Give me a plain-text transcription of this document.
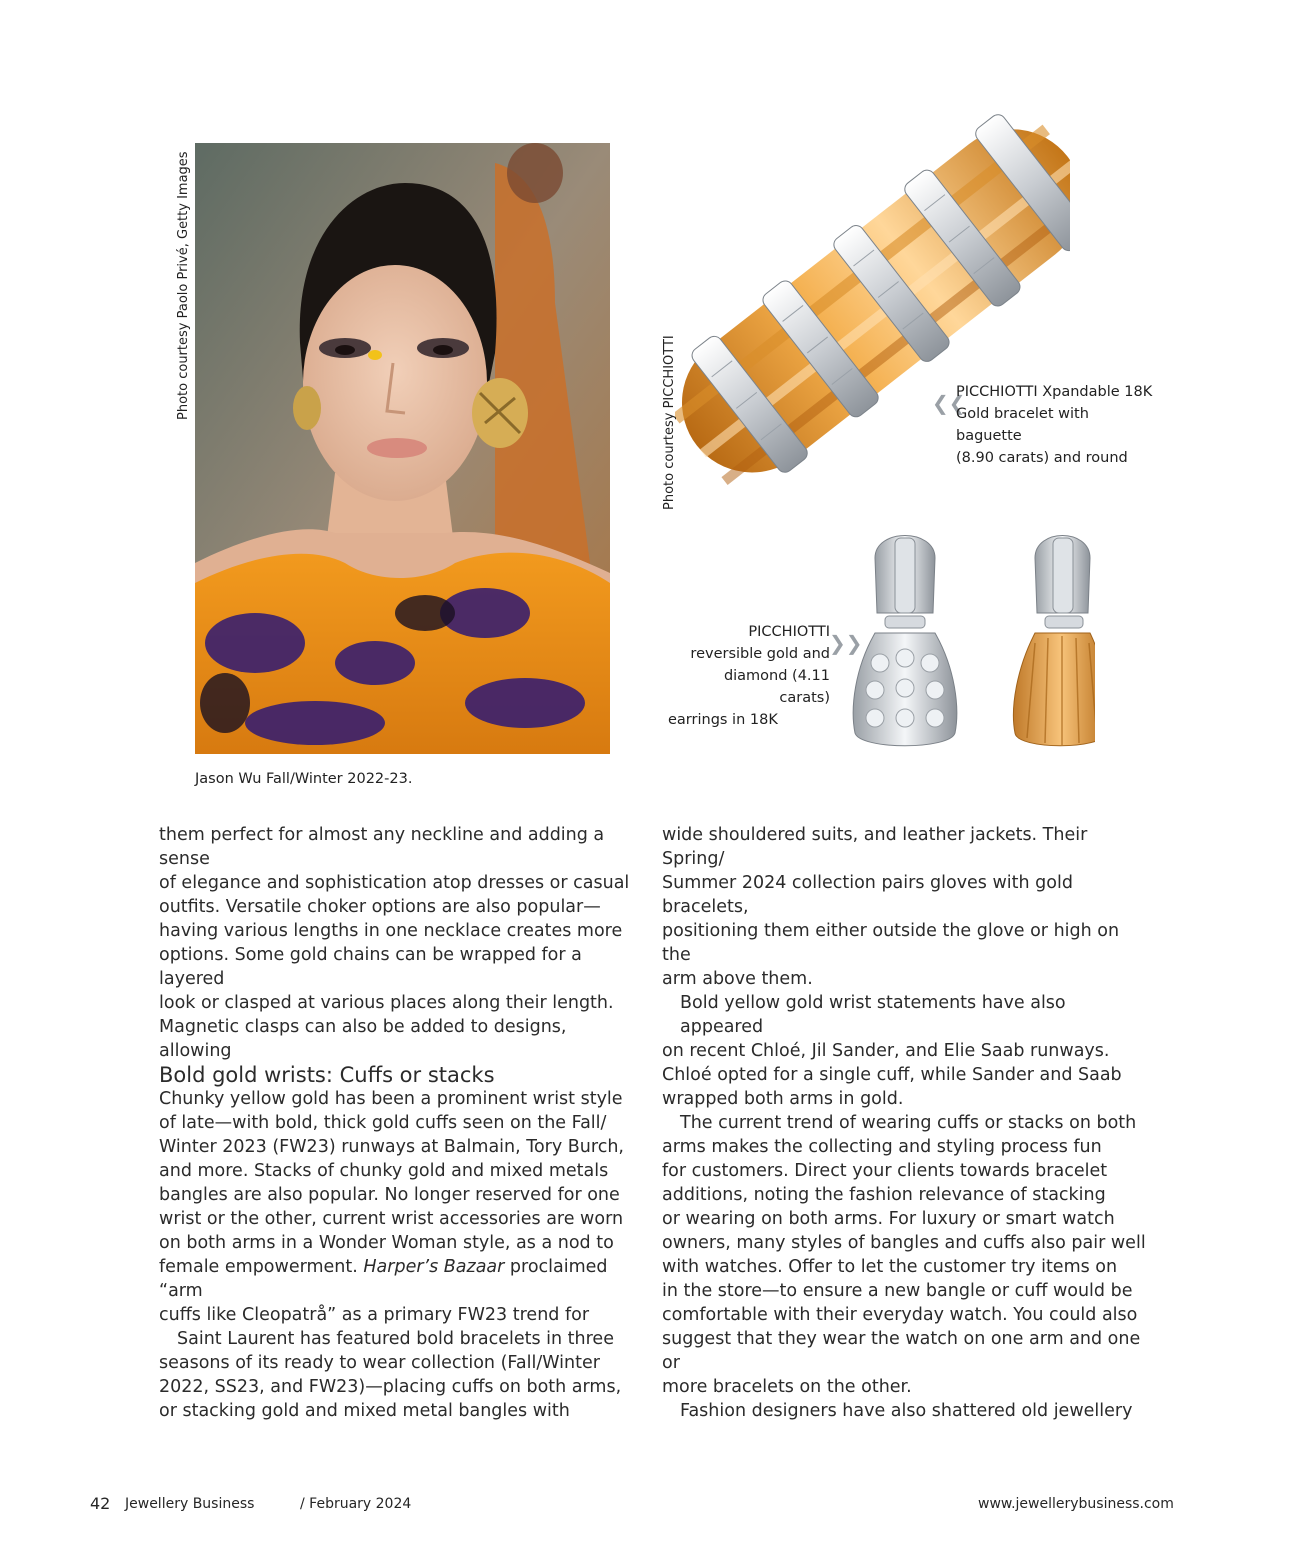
Photo courtesy Paolo Privé, Getty Images
Jason Wu Fall/Winter 2022-23.
Photo courtesy PICCHIOTTI	❮❮
PICCHIOTTI Xpandable 18K
Gold bracelet with
baguette
(8.90 carats) and round
PICCHIOTTI
reversible gold and
diamond (4.11
carats)
earrings in 18K
❯❯

them perfect for almost any neckline and adding a

sense

of elegance and sophistication atop dresses or casual

outfits. Versatile choker options are also popular—

having various lengths in one necklace creates more

options. Some gold chains can be wrapped for a

layered

look or clasped at various places along their length.

Magnetic clasps can also be added to designs,

allowing

Bold gold wrists: Cuffs or stacks

Chunky yellow gold has been a prominent wrist style

of late—with bold, thick gold cuffs seen on the Fall/

Winter 2023 (FW23) runways at Balmain, Tory Burch,

and more. Stacks of chunky gold and mixed metals

bangles are also popular. No longer reserved for one

wrist or the other, current wrist accessories are worn

on both arms in a Wonder Woman style, as a nod to

female empowerment. Harper’s Bazaar proclaimed

“arm

cuffs like Cleopatrå” as a primary FW23 trend for

Saint Laurent has featured bold bracelets in three

seasons of its ready to wear collection (Fall/Winter

2022, SS23, and FW23)—placing cuffs on both arms,

or stacking gold and mixed metal bangles with

wide shouldered suits, and leather jackets. Their

Spring/

Summer 2024 collection pairs gloves with gold

bracelets,

positioning them either outside the glove or high on

the

arm above them.

Bold yellow gold wrist statements have also

appeared

on recent Chloé, Jil Sander, and Elie Saab runways.

Chloé opted for a single cuff, while Sander and Saab

wrapped both arms in gold.

The current trend of wearing cuffs or stacks on both

arms makes the collecting and styling process fun

for customers. Direct your clients towards bracelet

additions, noting the fashion relevance of stacking

or wearing on both arms. For luxury or smart watch

owners, many styles of bangles and cuffs also pair well

with watches. Offer to let the customer try items on

in the store—to ensure a new bangle or cuff would be

comfortable with their everyday watch. You could also

suggest that they wear the watch on one arm and one

or

more bracelets on the other.

Fashion designers have also shattered old jewellery

42 Jewellery Business	/ February 2024	www.jewellerybusiness.com
